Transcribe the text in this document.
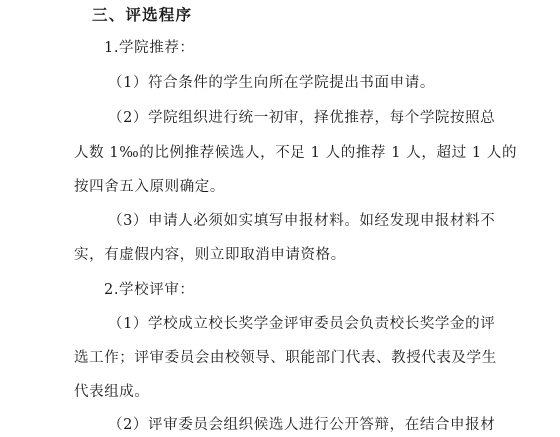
三、评选程序
1.学院推荐：
（1）符合条件的学生向所在学院提出书面申请。
（2）学院组织进行统一初审，择优推荐，每个学院按照总
人数 1‰的比例推荐候选人，不足 1 人的推荐 1 人，超过 1 人的
按四舍五入原则确定。
（3）申请人必须如实填写申报材料。如经发现申报材料不
实，有虚假内容，则立即取消申请资格。
2.学校评审：
（1）学校成立校长奖学金评审委员会负责校长奖学金的评
选工作；评审委员会由校领导、职能部门代表、教授代表及学生
代表组成。
（2）评审委员会组织候选人进行公开答辩，在结合申报材
